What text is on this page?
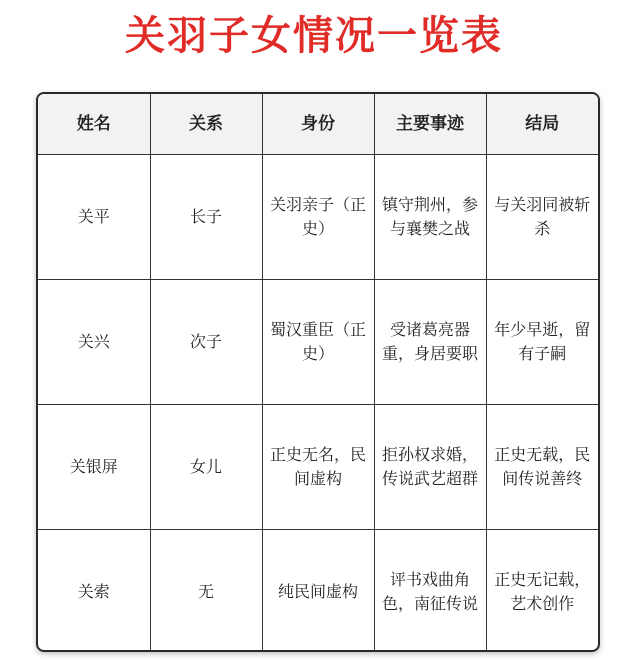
关羽子女情况一览表
姓名	关系	身份	主要事迹	结局
关平	长子	关羽亲子（正史）	镇守荆州，参与襄樊之战	与关羽同被斩杀
关兴	次子	蜀汉重臣（正史）	受诸葛亮器重，身居要职	年少早逝，留有子嗣
关银屏	女儿	正史无名，民间虚构	拒孙权求婚，传说武艺超群	正史无载，民间传说善终
关索	无	纯民间虚构	评书戏曲角色，南征传说	正史无记载，艺术创作
